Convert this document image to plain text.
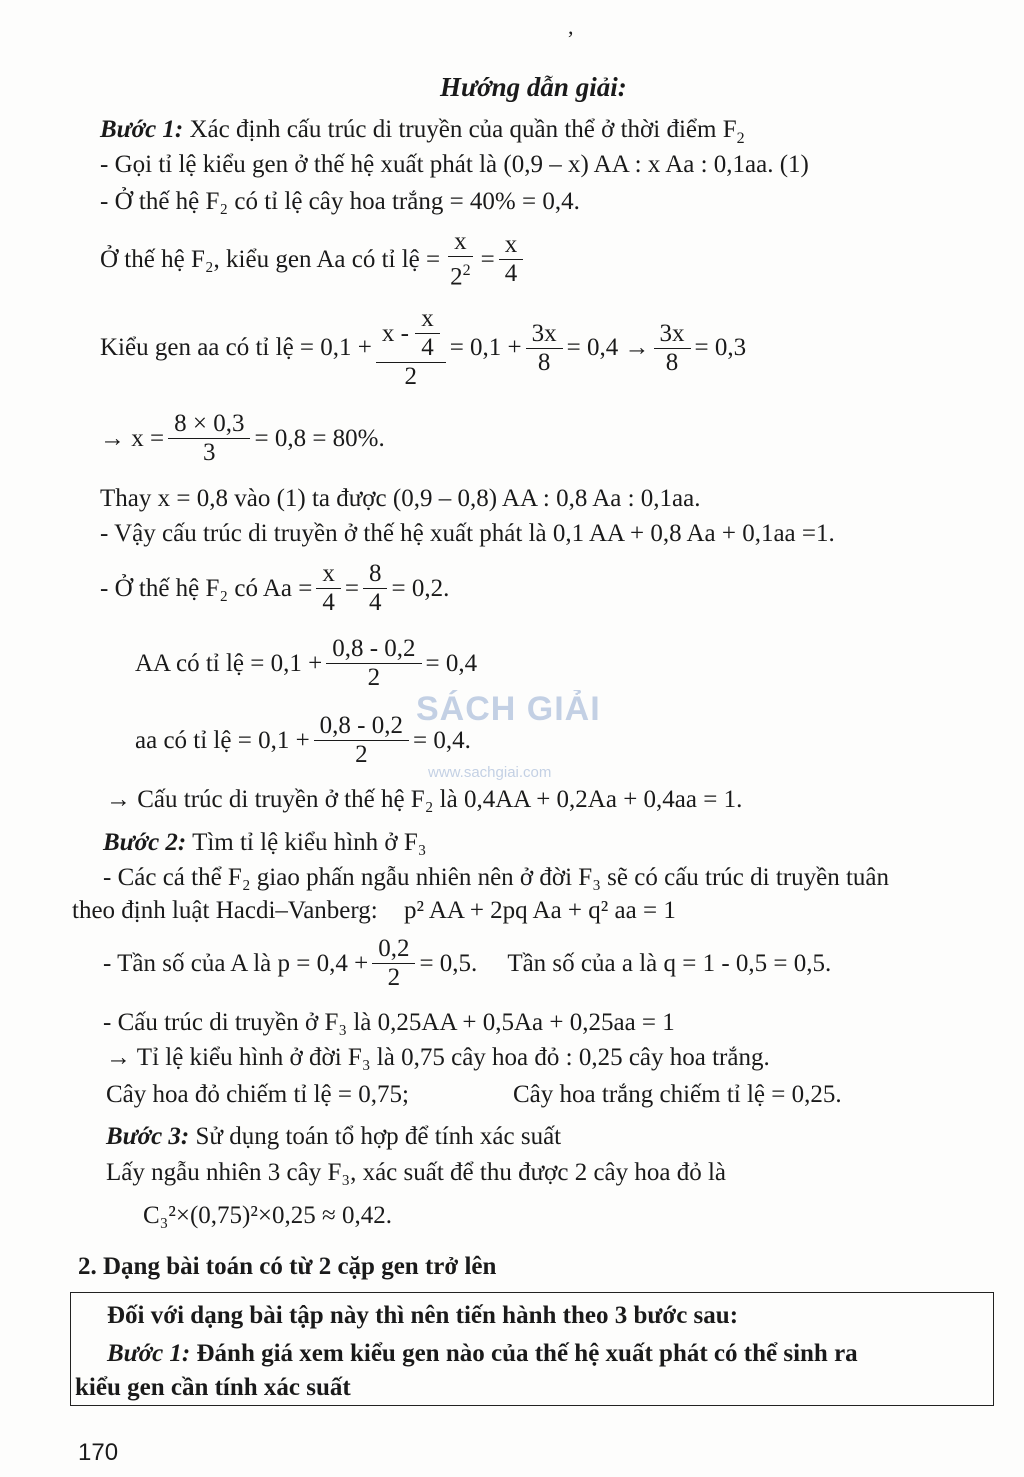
,
Hướng dẫn giải:
Bước 1: Xác định cấu trúc di truyền của quần thể ở thời điểm $F_2$
- Gọi tỉ lệ kiểu gen ở thế hệ xuất phát là (0,9 – x) AA : x Aa : 0,1aa. (1)
- Ở thế hệ F₂ có tỉ lệ cây hoa trắng = 40% = 0,4.
Ở thế hệ F₂, kiểu gen Aa có tỉ lệ = $\frac{x}{2^2} = \frac{x}{4}$
Kiểu gen aa có tỉ lệ = $0,1 + \frac{x - \frac{x}{4}}{2} = 0,1 + \frac{3x}{8} = 0,4 \to \frac{3x}{8} = 0,3$
→ $x = \frac{8 \times 0,3}{3} = 0,8 = 80\%$.
Thay x = 0,8 vào (1) ta được (0,9 – 0,8) AA : 0,8 Aa : 0,1aa.
- Vậy cấu trúc di truyền ở thế hệ xuất phát là 0,1 AA + 0,8 Aa + 0,1aa =1.
- Ở thế hệ F₂ có $Aa = \frac{x}{4} = \frac{8}{4} = 0,2$.
AA có tỉ lệ = $0,1 + \frac{0,8 - 0,2}{2} = 0,4$
aa có tỉ lệ = $0,1 + \frac{0,8 - 0,2}{2} = 0,4$.
SÁCH GIẢI
www.sachgiai.com
→ Cấu trúc di truyền ở thế hệ F₂ là 0,4AA + 0,2Aa + 0,4aa = 1.
Bước 2: Tìm tỉ lệ kiểu hình ở F₃
- Các cá thể F₂ giao phấn ngẫu nhiên nên ở đời F₃ sẽ có cấu trúc di truyền tuân
theo định luật Hacdi–Vanberg: p² AA + 2pq Aa + q² aa = 1
- Tần số của A là $p = 0,4 + \frac{0,2}{2} = 0,5$. Tần số của a là q = 1 - 0,5 = 0,5.
- Cấu trúc di truyền ở F₃ là 0,25AA + 0,5Aa + 0,25aa = 1
→ Tỉ lệ kiểu hình ở đời F₃ là 0,75 cây hoa đỏ : 0,25 cây hoa trắng.
Cây hoa đỏ chiếm tỉ lệ = 0,75;	Cây hoa trắng chiếm tỉ lệ = 0,25.
Bước 3: Sử dụng toán tổ hợp để tính xác suất
Lấy ngẫu nhiên 3 cây F₃, xác suất để thu được 2 cây hoa đỏ là
C₃²×(0,75)²×0,25 ≈ 0,42.
2. Dạng bài toán có từ 2 cặp gen trở lên
Đối với dạng bài tập này thì nên tiến hành theo 3 bước sau:
Bước 1: Đánh giá xem kiểu gen nào của thế hệ xuất phát có thể sinh ra
kiểu gen cần tính xác suất
170
